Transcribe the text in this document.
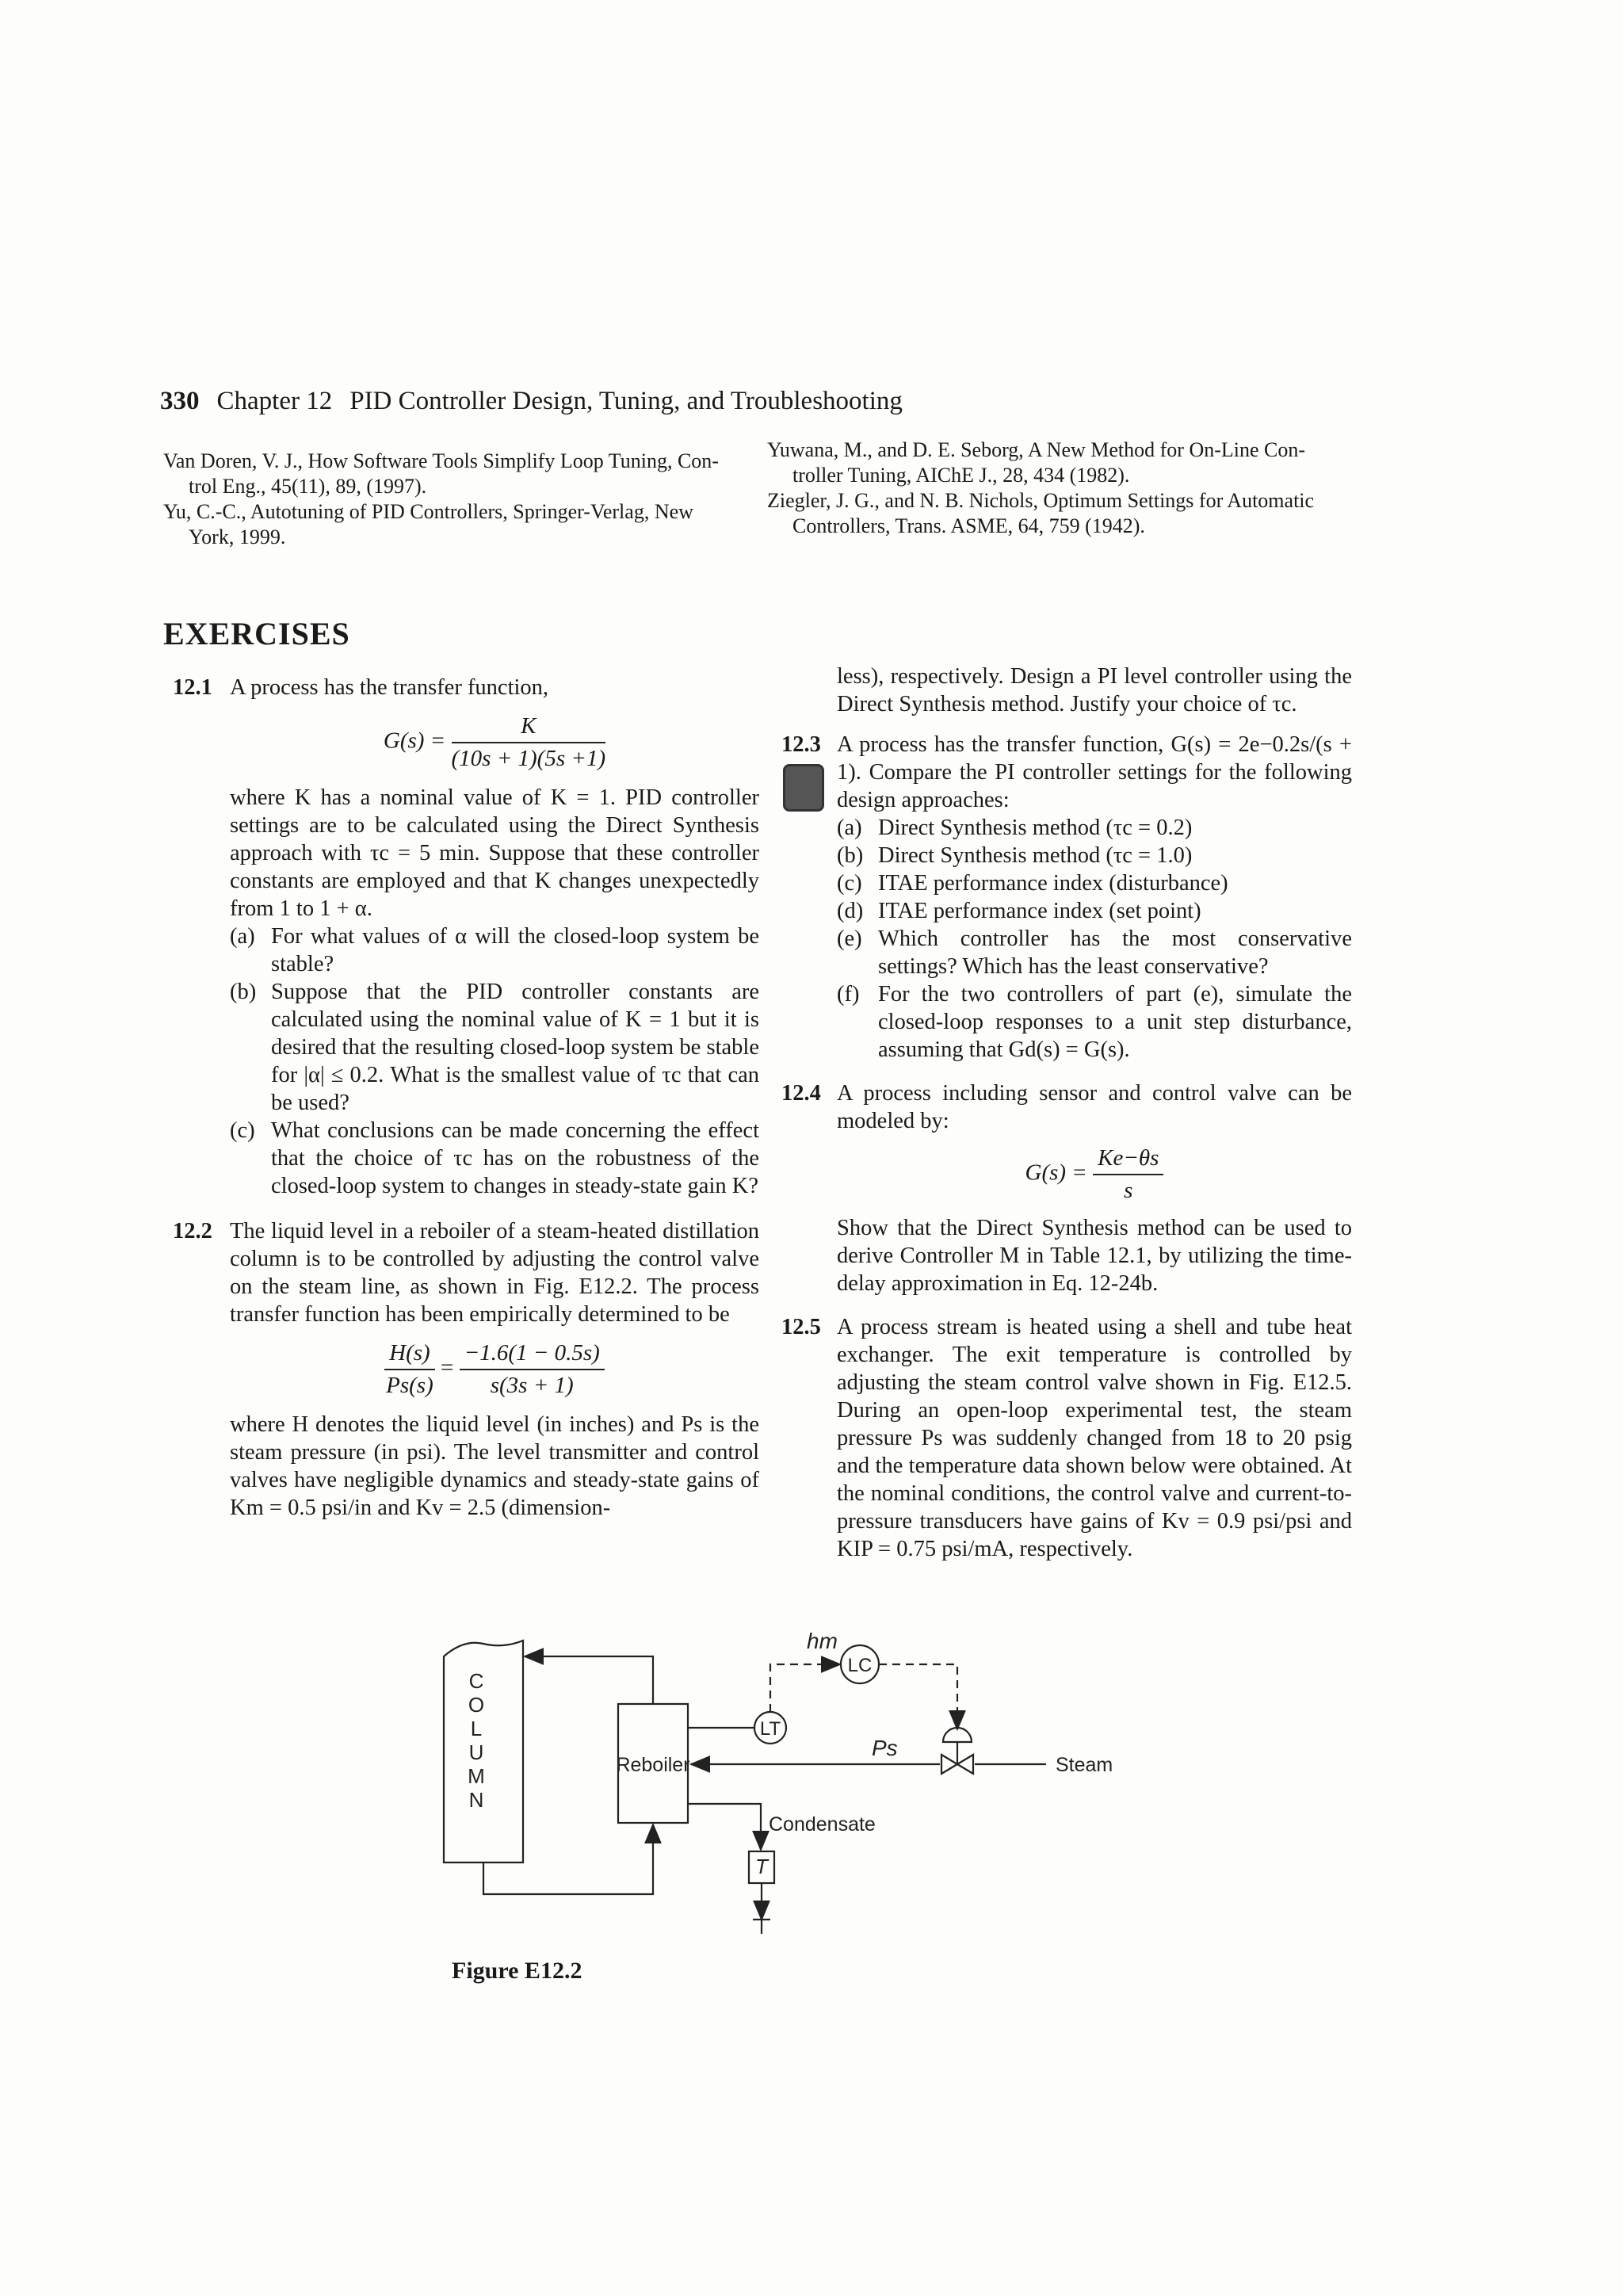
330 Chapter 12 PID Controller Design, Tuning, and Troubleshooting
Van Doren, V. J., How Software Tools Simplify Loop Tuning, Con-
trol Eng., 45(11), 89, (1997).
Yu, C.-C., Autotuning of PID Controllers, Springer-Verlag, New
York, 1999.
Yuwana, M., and D. E. Seborg, A New Method for On-Line Con-
troller Tuning, AIChE J., 28, 434 (1982).
Ziegler, J. G., and N. B. Nichols, Optimum Settings for Automatic
Controllers, Trans. ASME, 64, 759 (1942).
EXERCISES
12.1 A process has the transfer function,
$G(s) = \frac{K}{(10s + 1)(5s +1)}$
where K has a nominal value of K = 1. PID controller settings are to be calculated using the Direct Synthesis approach with τc = 5 min. Suppose that these controller constants are employed and that K changes unexpectedly from 1 to 1 + α.
(a) For what values of α will the closed-loop system be stable?
(b) Suppose that the PID controller constants are calculated using the nominal value of K = 1 but it is desired that the resulting closed-loop system be stable for |α| ≤ 0.2. What is the smallest value of τc that can be used?
(c) What conclusions can be made concerning the effect that the choice of τc has on the robustness of the closed-loop system to changes in steady-state gain K?
12.2 The liquid level in a reboiler of a steam-heated distillation column is to be controlled by adjusting the control valve on the steam line, as shown in Fig. E12.2. The process transfer function has been empirically determined to be
$\frac{H(s)}{Ps(s)} = \frac{-1.6(1 - 0.5s)}{s(3s + 1)}$
where H denotes the liquid level (in inches) and Ps is the steam pressure (in psi). The level transmitter and control valves have negligible dynamics and steady-state gains of Km = 0.5 psi/in and Kv = 2.5 (dimension-
less), respectively. Design a PI level controller using the Direct Synthesis method. Justify your choice of τc.
12.3 A process has the transfer function, G(s) = 2e−0.2s/(s + 1). Compare the PI controller settings for the following design approaches:
(a) Direct Synthesis method (τc = 0.2)
(b) Direct Synthesis method (τc = 1.0)
(c) ITAE performance index (disturbance)
(d) ITAE performance index (set point)
(e) Which controller has the most conservative settings? Which has the least conservative?
(f) For the two controllers of part (e), simulate the closed-loop responses to a unit step disturbance, assuming that Gd(s) = G(s).
12.4 A process including sensor and control valve can be modeled by:
$G(s) = \frac{Ke-\theta s}{s}$
Show that the Direct Synthesis method can be used to derive Controller M in Table 12.1, by utilizing the time-delay approximation in Eq. 12-24b.
12.5 A process stream is heated using a shell and tube heat exchanger. The exit temperature is controlled by adjusting the steam control valve shown in Fig. E12.5. During an open-loop experimental test, the steam pressure Ps was suddenly changed from 18 to 20 psig and the temperature data shown below were obtained. At the nominal conditions, the control valve and current-to-pressure transducers have gains of Kv = 0.9 psi/psi and KIP = 0.75 psi/mA, respectively.
C
O
L
U
M
N
Reboiler
LT
LC
hm
Ps
Steam
Condensate
T
Figure E12.2
